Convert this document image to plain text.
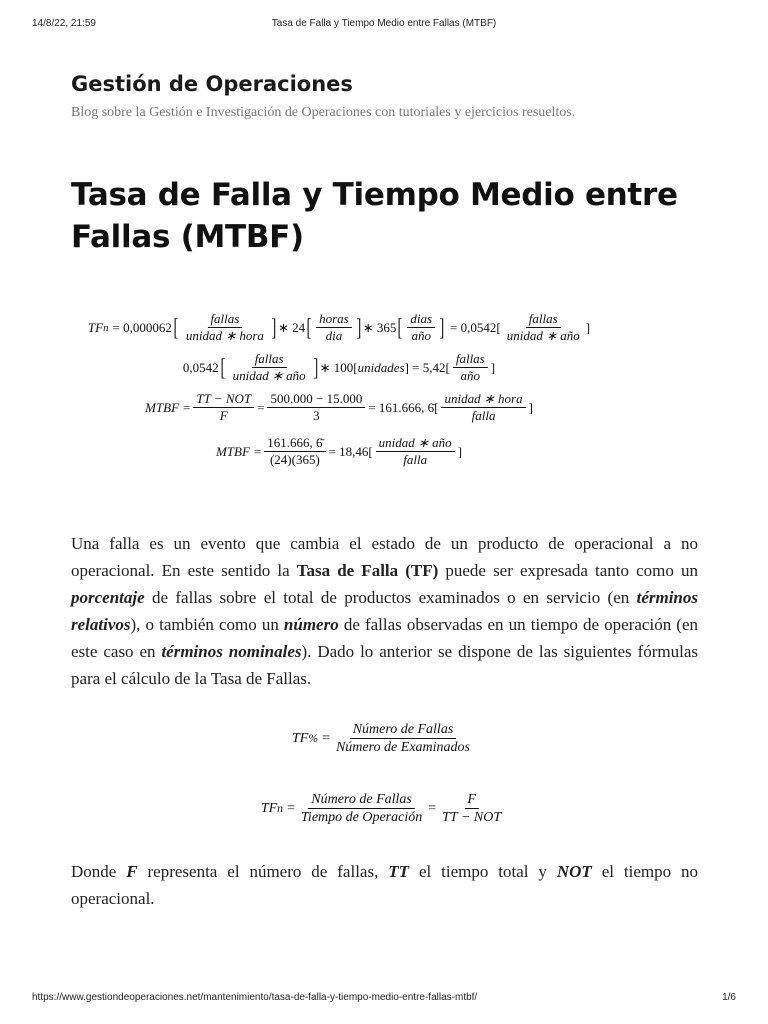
14/8/22, 21:59	Tasa de Falla y Tiempo Medio entre Fallas (MTBF)
Gestión de Operaciones
Blog sobre la Gestión e Investigación de Operaciones con tutoriales y ejercicios resueltos.
Tasa de Falla y Tiempo Medio entre Fallas (MTBF)
TF n = 0,000062 [ $\frac{\text{fallas}}{\text{unidad ∗ hora}}$ ] ∗ 24 [ $\frac{\text{horas}}{\text{dia}}$ ] ∗ 365 [ $\frac{\text{dias}}{\text{año}}$ ] = $0,0542[ \frac{\text{fallas}}{\text{unidad ∗ año}}$ ]
0,0542 [ $\frac{\text{fallas}}{\text{unidad ∗ año}}$ ] ∗ 100[ unidades ] = $5,42[ \frac{\text{fallas}}{\text{año}}$ ]
MTBF = $\frac{\text{TT − NOT}}{F} = \frac{500.000 - 15.000}{3} = 161.666$, 6̄[ $\frac{\text{unidad ∗ hora}}{\text{falla}}$ ]
MTBF = $\frac{161.666, 6̄}{(24)(365)} = 18,46[ \frac{\text{unidad ∗ año}}{\text{falla}}$ ]

Una falla es un evento que cambia el estado de un producto de operacional a no operacional. En este sentido la Tasa de Falla (TF) puede ser expresada tanto como un porcentaje de fallas sobre el total de productos examinados o en servicio (en términos relativos), o también como un número de fallas observadas en un tiempo de operación (en este caso en términos nominales). Dado lo anterior se dispone de las siguientes fórmulas para el cálculo de la Tasa de Fallas.

TF % = $\frac{\text{Número de Fallas}}{\text{Número de Examinados}}$
TF $n = \frac{\text{Número de Fallas}}{\text{Tiempo de Operación}} = \frac{F}{\text{TT − NOT}}$

Donde F representa el número de fallas, TT el tiempo total y NOT el tiempo no operacional.

https://www.gestiondeoperaciones.net/mantenimiento/tasa-de-falla-y-tiempo-medio-entre-fallas-mtbf/	1/6
